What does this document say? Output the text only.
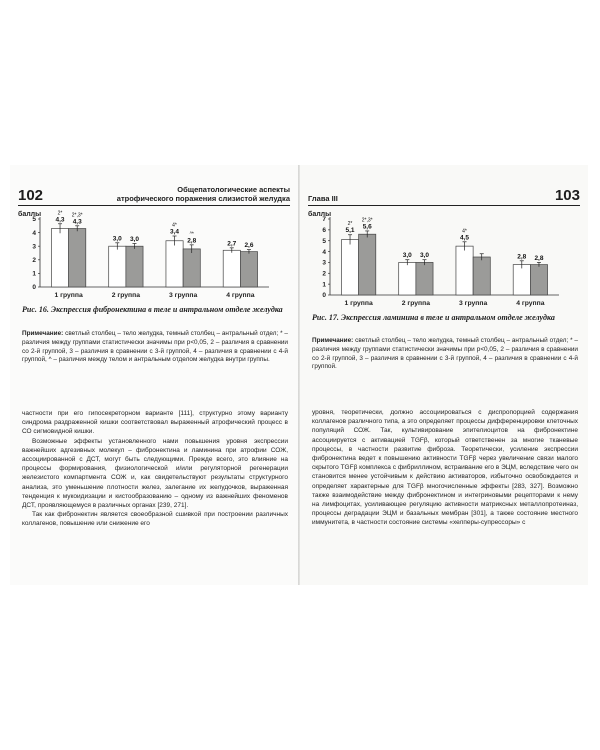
102	Общепатологические аспекты
атрофического поражения слизистой желудка
баллы
0
1
2
3
4
5	4,3 4,3
2* 2*,3*
1 группа
3,0 3,0
2 группа
3,4
2,8
4*
^*
3 группа
2,7 2,6
4 группа
Рис. 16. Экспрессия фибронектина в теле и антральном отделе желудка
Примечание: светлый столбец – тело желудка, темный столбец – антральный отдел; * – различия между группами статистически значимы при p<0,05, 2 – различия в сравнении со 2-й группой, 3 – различия в сравнении с 3-й группой, 4 – различия в сравнении с 4-й группой, ^ – различия между телом и антральным отделом желудка внутри группы.

частности при его гипосекреторном варианте [111], структурно этому варианту синдрома раздраженной кишки соответствовал выраженный атрофический процесс в СО сигмовидной кишки.

Возможные эффекты установленного нами повышения уровня экспрессии важнейших адгезивных молекул – фибронектина и ламинина при атрофии СОЖ, ассоциированной с ДСТ, могут быть следующими. Прежде всего, это влияние на процессы формирования, физиологической и/или регуляторной регенерации железистого компартмента СОЖ и, как свидетельствуют результаты структурного анализа, это уменьшение плотности желез, залегание их желудочков, выраженная тенденция к мукоидизации и кистообразованию – одному из важнейших феноменов ДСТ, проявляющемуся в различных органах [239, 271].

Так как фибронектин является своеобразной сшивкой при построении различных коллагенов, повышение или снижение его

Глава III	103
баллы
0
1
2
3
4
5
6
7
5,1
5,6
2*
2*,3*
1 группа
3,0 3,0
2 группа
4,5
4*
3 группа
2,8 2,8
4 группа
Рис. 17. Экспрессия ламинина в теле и антральном отделе желудка
Примечание: светлый столбец – тело желудка, темный столбец – антральный отдел; * – различия между группами статистически значимы при p<0,05, 2 – различия в сравнении со 2-й группой, 3 – различия в сравнении с 3-й группой, 4 – различия в сравнении с 4-й группой.

уровня, теоретически, должно ассоциироваться с диспропорцией содержания коллагенов различного типа, а это определяет процессы дифференцировки клеточных популяций СОЖ. Так, культивирование эпителиоцитов на фибронектине ассоциируется с активацией TGFβ, который ответственен за многие тканевые процессы, в частности развитие фиброза. Теоретически, усиление экспрессии фибронектина ведет к повышению активности TGFβ через увеличение связи малого скрытого TGFβ комплекса с фибриллином, встраивание его в ЭЦМ, вследствие чего он становится менее устойчивым к действию активаторов, избыточно освобождается и определяет характерные для TGFβ многочисленные эффекты [283, 327]. Возможно также взаимодействие между фибронектином и интегриновыми рецепторами к нему на лимфоцитах, усиливающее регуляцию активности матриксных металлопротеиназ, процессы деградации ЭЦМ и базальных мембран [301], а также состояние местного иммунитета, в частности состояние системы «хелперы-супрессоры» с
